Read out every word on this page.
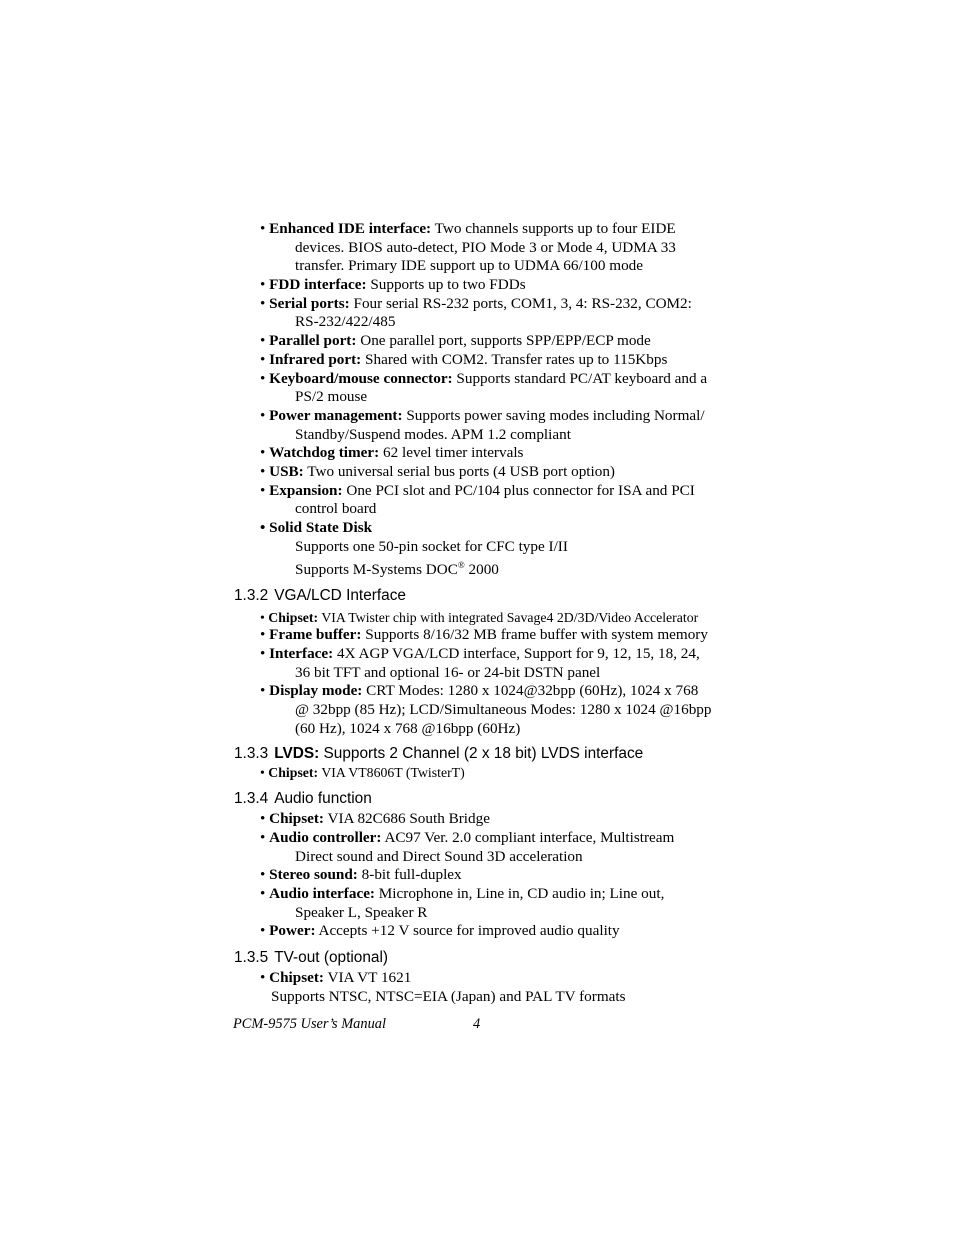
• Enhanced IDE interface: Two channels supports up to four EIDE
devices. BIOS auto-detect, PIO Mode 3 or Mode 4, UDMA 33
transfer. Primary IDE support up to UDMA 66/100 mode
• FDD interface: Supports up to two FDDs
• Serial ports: Four serial RS-232 ports, COM1, 3, 4: RS-232, COM2:
RS-232/422/485
• Parallel port: One parallel port, supports SPP/EPP/ECP mode
• Infrared port: Shared with COM2. Transfer rates up to 115Kbps
• Keyboard/mouse connector: Supports standard PC/AT keyboard and a
PS/2 mouse
• Power management: Supports power saving modes including Normal/
Standby/Suspend modes. APM 1.2 compliant
• Watchdog timer: 62 level timer intervals
• USB: Two universal serial bus ports (4 USB port option)
• Expansion: One PCI slot and PC/104 plus connector for ISA and PCI
control board
• Solid State Disk
Supports one 50-pin socket for CFC type I/II
Supports M-Systems DOC® 2000
1.3.2 VGA/LCD Interface
• Chipset: VIA Twister chip with integrated Savage4 2D/3D/Video Accelerator
• Frame buffer: Supports 8/16/32 MB frame buffer with system memory
• Interface: 4X AGP VGA/LCD interface, Support for 9, 12, 15, 18, 24,
36 bit TFT and optional 16- or 24-bit DSTN panel
• Display mode: CRT Modes: 1280 x 1024@32bpp (60Hz), 1024 x 768
@ 32bpp (85 Hz); LCD/Simultaneous Modes: 1280 x 1024 @16bpp
(60 Hz), 1024 x 768 @16bpp (60Hz)
1.3.3 LVDS: Supports 2 Channel (2 x 18 bit) LVDS interface
• Chipset: VIA VT8606T (TwisterT)
1.3.4 Audio function
• Chipset: VIA 82C686 South Bridge
• Audio controller: AC97 Ver. 2.0 compliant interface, Multistream
Direct sound and Direct Sound 3D acceleration
• Stereo sound: 8-bit full-duplex
• Audio interface: Microphone in, Line in, CD audio in; Line out,
Speaker L, Speaker R
• Power: Accepts +12 V source for improved audio quality
1.3.5 TV-out (optional)
• Chipset: VIA VT 1621
Supports NTSC, NTSC=EIA (Japan) and PAL TV formats
PCM-9575 User’s Manual	4
